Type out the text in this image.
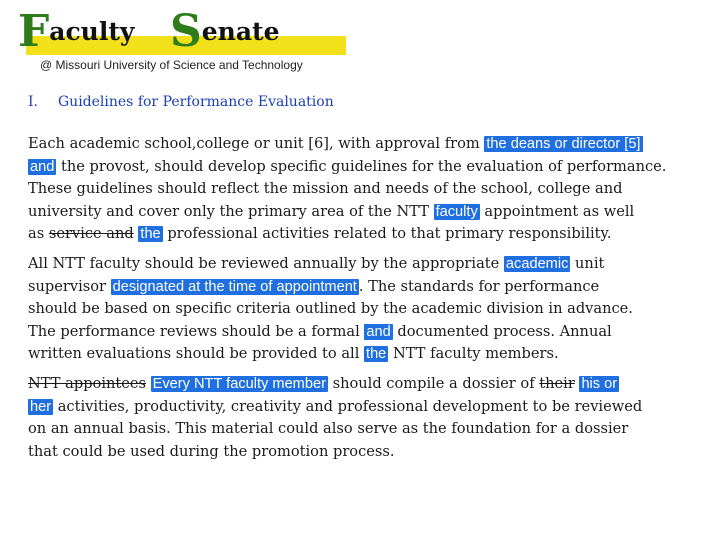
Faculty Senate
@ Missouri University of Science and Technology
I. Guidelines for Performance Evaluation
Each academic school,college or unit [6], with approval from the deans or director [5]
and the provost, should develop specific guidelines for the evaluation of performance.
These guidelines should reflect the mission and needs of the school, college and
university and cover only the primary area of the NTT faculty appointment as well
as service and the professional activities related to that primary responsibility.
All NTT faculty should be reviewed annually by the appropriate academic unit
supervisor designated at the time of appointment . The standards for performance
should be based on specific criteria outlined by the academic division in advance.
The performance reviews should be a formal and documented process. Annual
written evaluations should be provided to all the NTT faculty members.
NTT appointees Every NTT faculty member should compile a dossier of their his or
her activities, productivity, creativity and professional development to be reviewed
on an annual basis. This material could also serve as the foundation for a dossier
that could be used during the promotion process.
